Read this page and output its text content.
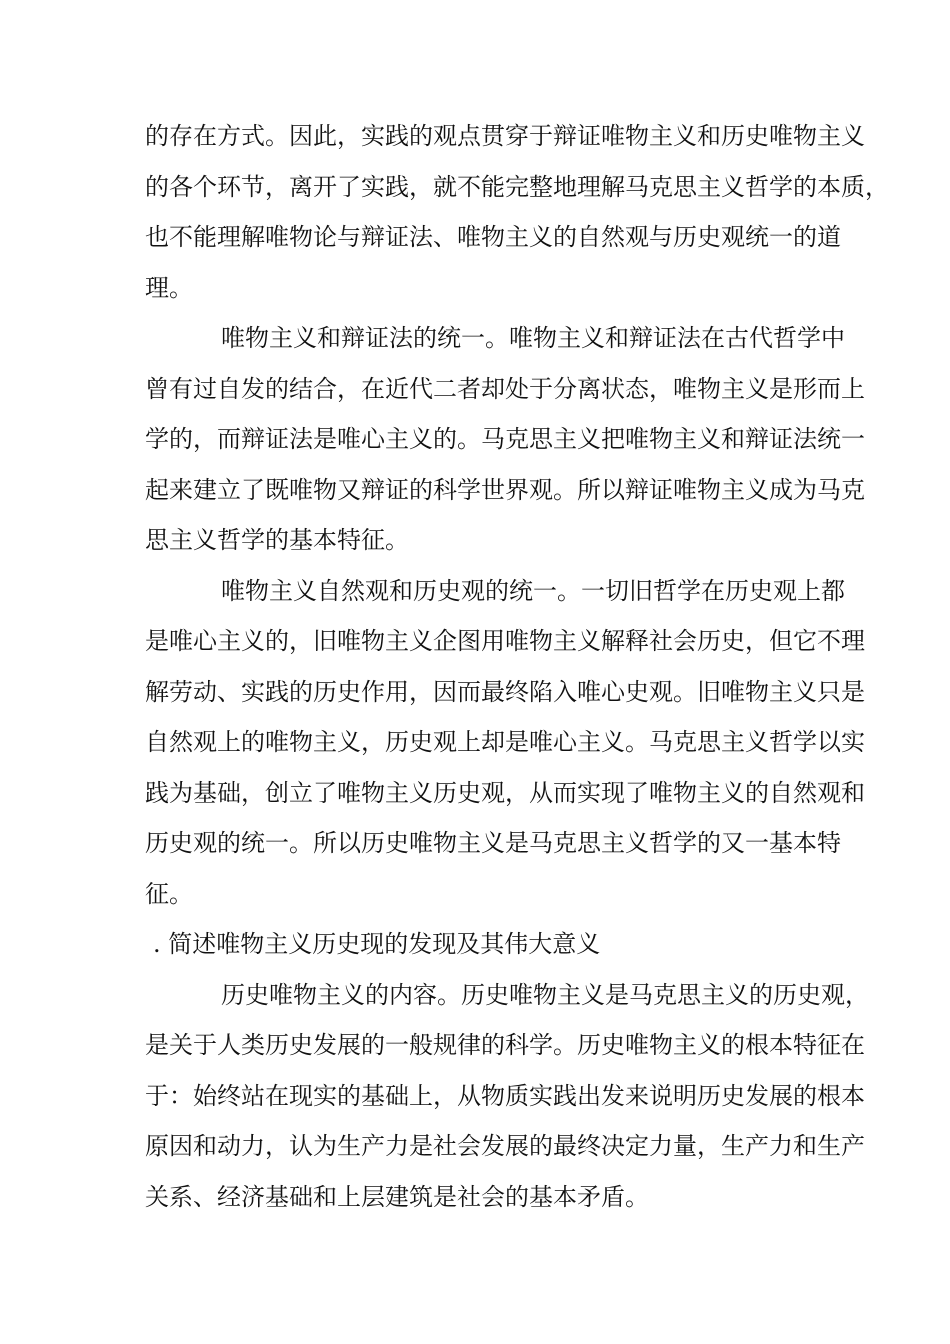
的存在方式。因此，实践的观点贯穿于辩证唯物主义和历史唯物主义
的各个环节，离开了实践，就不能完整地理解马克思主义哲学的本质，
也不能理解唯物论与辩证法、唯物主义的自然观与历史观统一的道
理。
唯物主义和辩证法的统一。唯物主义和辩证法在古代哲学中
曾有过自发的结合，在近代二者却处于分离状态，唯物主义是形而上
学的，而辩证法是唯心主义的。马克思主义把唯物主义和辩证法统一
起来建立了既唯物又辩证的科学世界观。所以辩证唯物主义成为马克
思主义哲学的基本特征。
唯物主义自然观和历史观的统一。一切旧哲学在历史观上都
是唯心主义的，旧唯物主义企图用唯物主义解释社会历史，但它不理
解劳动、实践的历史作用，因而最终陷入唯心史观。旧唯物主义只是
自然观上的唯物主义，历史观上却是唯心主义。马克思主义哲学以实
践为基础，创立了唯物主义历史观，从而实现了唯物主义的自然观和
历史观的统一。所以历史唯物主义是马克思主义哲学的又一基本特
征。
. 简述唯物主义历史现的发现及其伟大意义
历史唯物主义的内容。历史唯物主义是马克思主义的历史观，
是关于人类历史发展的一般规律的科学。历史唯物主义的根本特征在
于：始终站在现实的基础上，从物质实践出发来说明历史发展的根本
原因和动力，认为生产力是社会发展的最终决定力量，生产力和生产
关系、经济基础和上层建筑是社会的基本矛盾。
